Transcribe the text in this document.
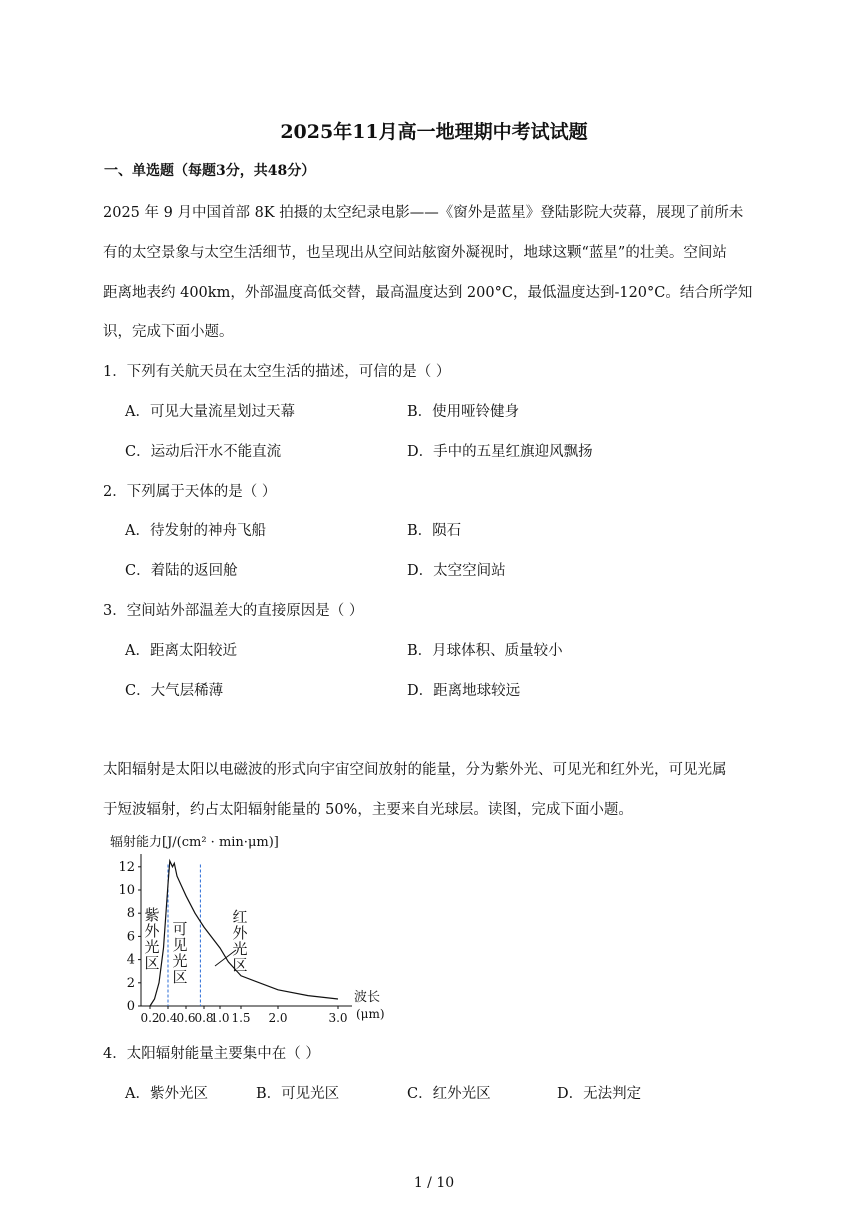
2025年11月高一地理期中考试试题
一、单选题（每题3分，共48分）
2025 年 9 月中国首部 8K 拍摄的太空纪录电影——《窗外是蓝星》登陆影院大荧幕，展现了前所未
有的太空景象与太空生活细节，也呈现出从空间站舷窗外凝视时，地球这颗“蓝星”的壮美。空间站
距离地表约 400km，外部温度高低交替，最高温度达到 200°C，最低温度达到-120°C。结合所学知
识，完成下面小题。
1．下列有关航天员在太空生活的描述，可信的是（ ）
A．可见大量流星划过天幕	B．使用哑铃健身
C．运动后汗水不能直流	D．手中的五星红旗迎风飘扬
2．下列属于天体的是（ ）
A．待发射的神舟飞船	B．陨石
C．着陆的返回舱	D．太空空间站
3．空间站外部温差大的直接原因是（ ）
A．距离太阳较近	B．月球体积、质量较小
C．大气层稀薄	D．距离地球较远
太阳辐射是太阳以电磁波的形式向宇宙空间放射的能量，分为紫外光、可见光和红外光，可见光属
于短波辐射，约占太阳辐射能量的 50%，主要来自光球层。读图，完成下面小题。
辐射能力[J/(cm² · min·μm)]
0
2
4
6
8
10
12
0.2
0.4
0.6
0.8
1.0 1.5 2.0	3.0
紫
外
光
区
可
见
光
区
红
外
光
区
波长
(μm)
4．太阳辐射能量主要集中在（ ）
A．紫外光区	B．可见光区	C．红外光区	D．无法判定
1 / 10
